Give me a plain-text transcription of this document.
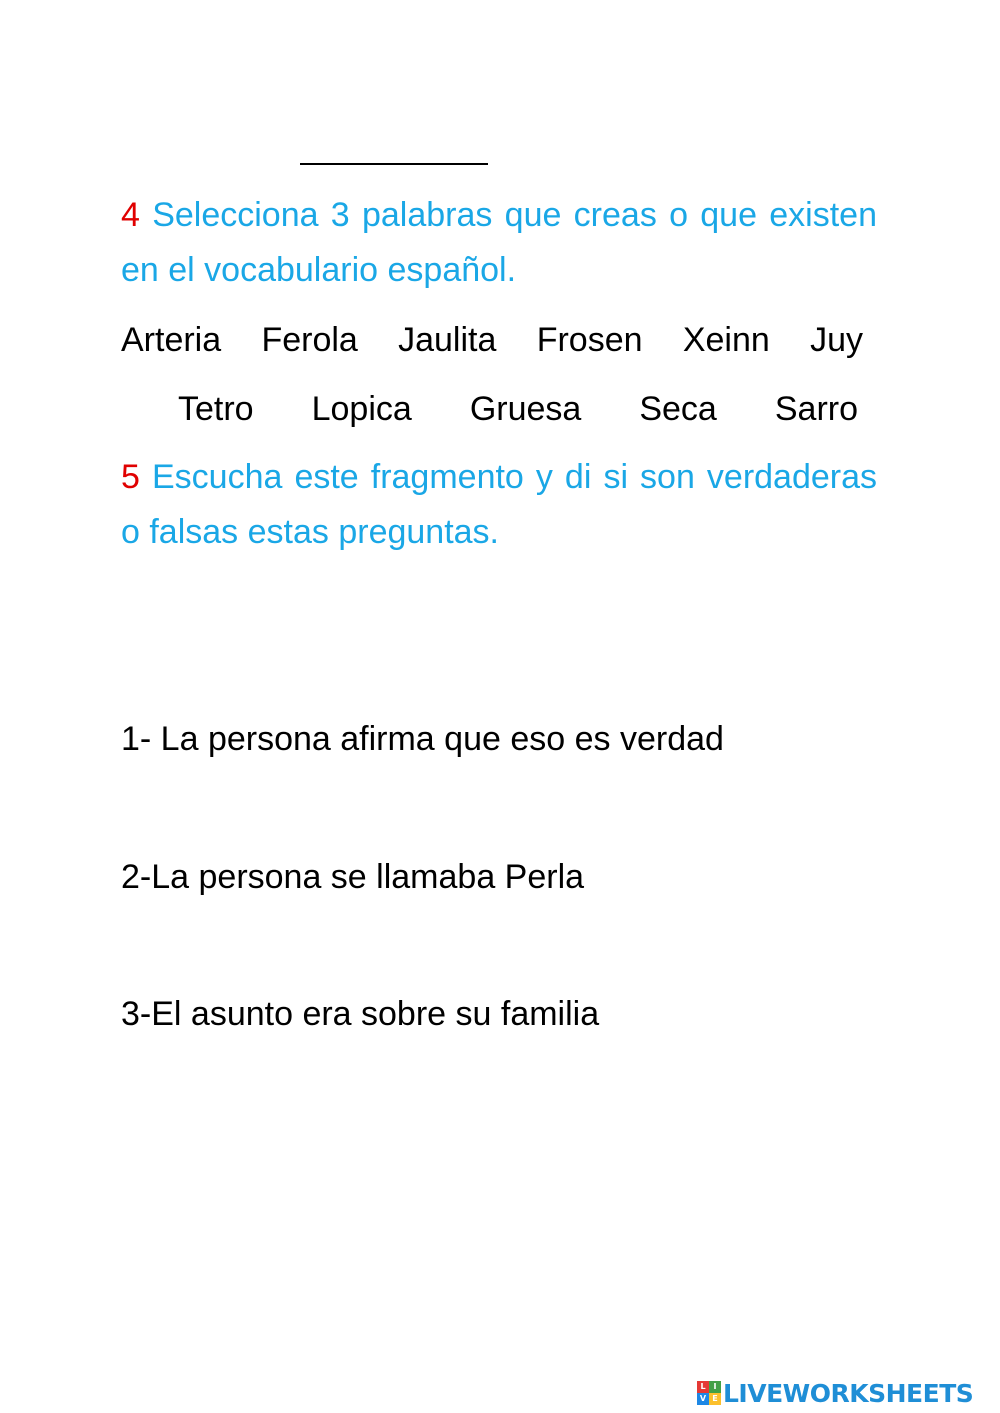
4 Selecciona 3 palabras que creas o que existen en el vocabulario español.
Arteria Ferola Jaulita Frosen Xeinn Juy
Tetro Lopica Gruesa Seca Sarro
5 Escucha este fragmento y di si son verdaderas o falsas estas preguntas.
1- La persona afirma que eso es verdad
2-La persona se llamaba Perla
3-El asunto era sobre su familia
L I
V E LIVEWORKSHEETS
